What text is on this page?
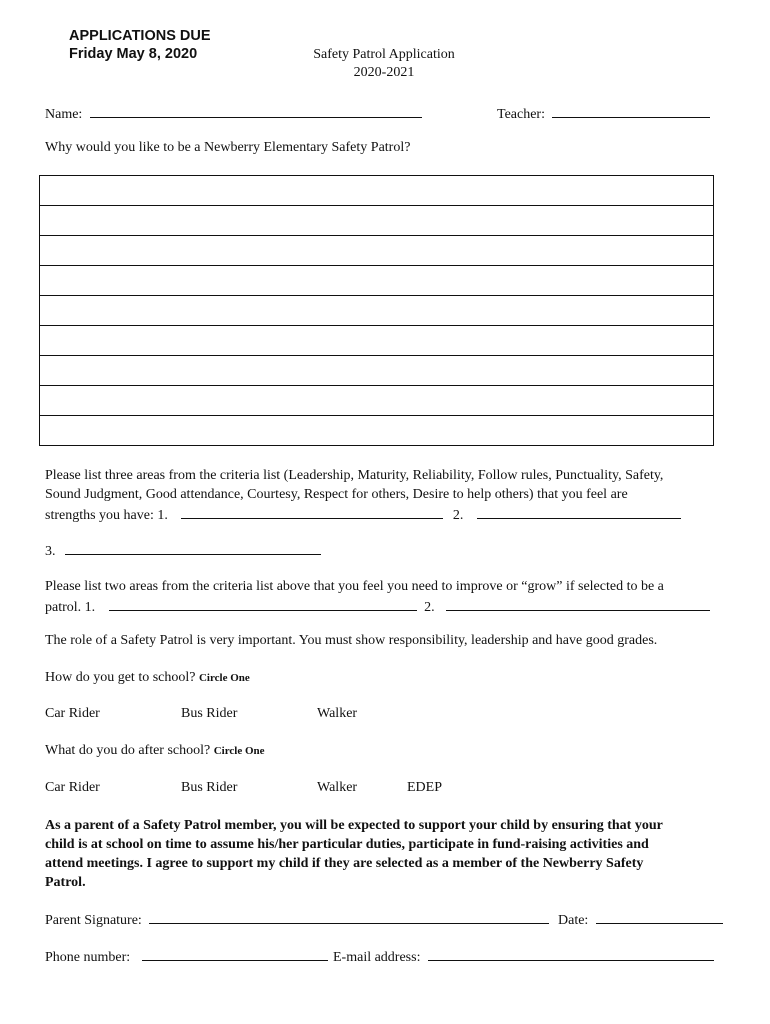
APPLICATIONS DUE
Friday May 8, 2020	Safety Patrol Application
2020-2021
Name:	Teacher:
Why would you like to be a Newberry Elementary Safety Patrol?
Please list three areas from the criteria list (Leadership, Maturity, Reliability, Follow rules, Punctuality, Safety,
Sound Judgment, Good attendance, Courtesy, Respect for others, Desire to help others) that you feel are
strengths you have: 1.	2.
3.
Please list two areas from the criteria list above that you feel you need to improve or “grow” if selected to be a
patrol. 1.	2.
The role of a Safety Patrol is very important. You must show responsibility, leadership and have good grades.
How do you get to school? Circle One
Car Rider	Bus Rider	Walker
What do you do after school? Circle One
Car Rider	Bus Rider	Walker	EDEP
As a parent of a Safety Patrol member, you will be expected to support your child by ensuring that your
child is at school on time to assume his/her particular duties, participate in fund-raising activities and
attend meetings. I agree to support my child if they are selected as a member of the Newberry Safety
Patrol.
Parent Signature:	Date:
Phone number:	E-mail address:
